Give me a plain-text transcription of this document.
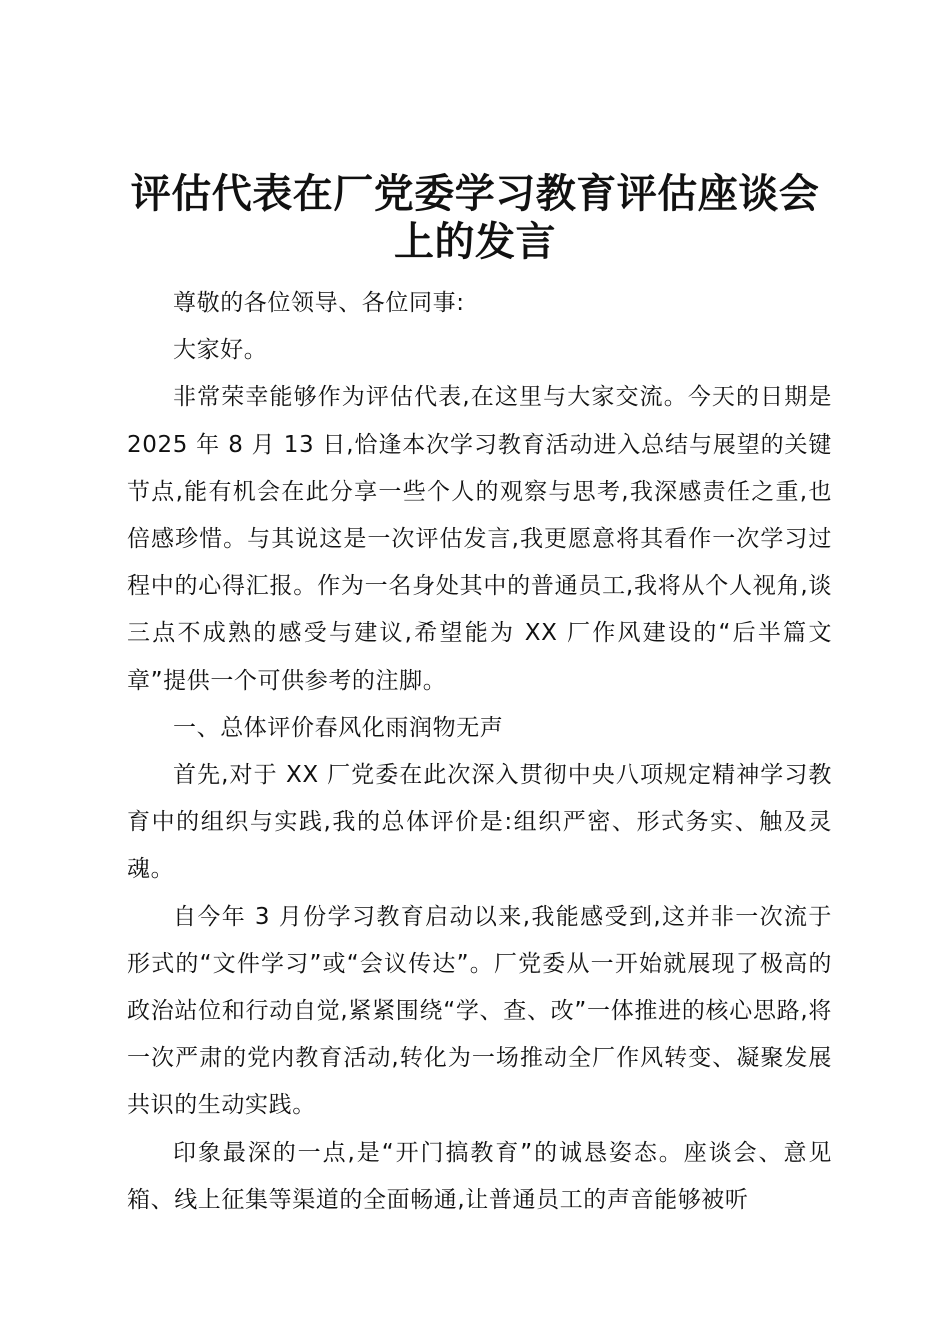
评估代表在厂党委学习教育评估座谈会上的发言

尊敬的各位领导、各位同事:

大家好。

非常荣幸能够作为评估代表,在这里与大家交流。今天的日期是 2025 年 8 月 13 日,恰逢本次学习教育活动进入总结与展望的关键节点,能有机会在此分享一些个人的观察与思考,我深感责任之重,也倍感珍惜。与其说这是一次评估发言,我更愿意将其看作一次学习过程中的心得汇报。作为一名身处其中的普通员工,我将从个人视角,谈三点不成熟的感受与建议,希望能为 XX 厂作风建设的“后半篇文章”提供一个可供参考的注脚。

一、总体评价春风化雨润物无声

首先,对于 XX 厂党委在此次深入贯彻中央八项规定精神学习教育中的组织与实践,我的总体评价是:组织严密、形式务实、触及灵魂。

自今年 3 月份学习教育启动以来,我能感受到,这并非一次流于形式的“文件学习”或“会议传达”。厂党委从一开始就展现了极高的政治站位和行动自觉,紧紧围绕“学、查、改”一体推进的核心思路,将一次严肃的党内教育活动,转化为一场推动全厂作风转变、凝聚发展共识的生动实践。

印象最深的一点,是“开门搞教育”的诚恳姿态。座谈会、意见箱、线上征集等渠道的全面畅通,让普通员工的声音能够被听
